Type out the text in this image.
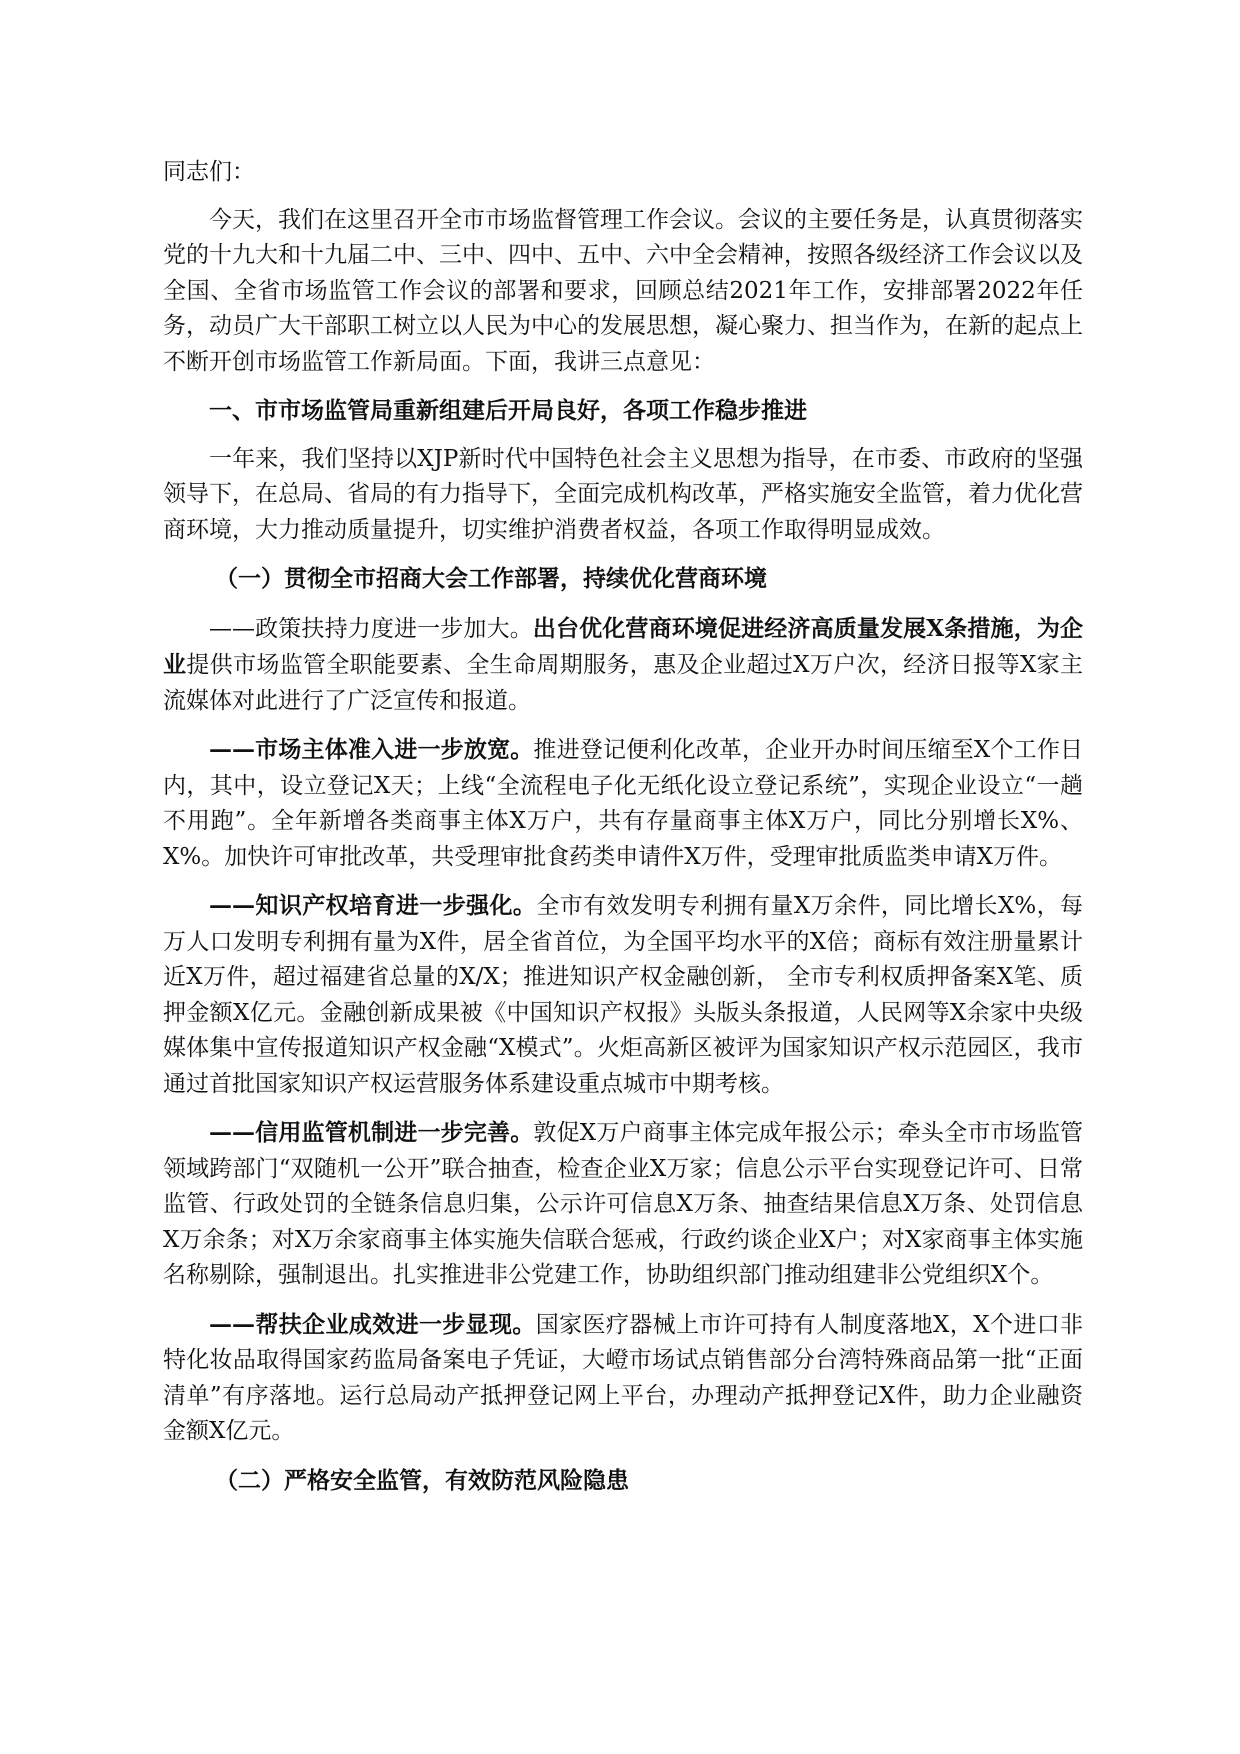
同志们：

今天，我们在这里召开全市市场监督管理工作会议。会议的主要任务是，认真贯彻落实党的十九大和十九届二中、三中、四中、五中、六中全会精神，按照各级经济工作会议以及全国、全省市场监管工作会议的部署和要求，回顾总结2021年工作，安排部署2022年任务，动员广大干部职工树立以人民为中心的发展思想，凝心聚力、担当作为，在新的起点上不断开创市场监管工作新局面。下面，我讲三点意见：

一、市市场监管局重新组建后开局良好，各项工作稳步推进

一年来，我们坚持以XJP新时代中国特色社会主义思想为指导，在市委、市政府的坚强领导下，在总局、省局的有力指导下，全面完成机构改革，严格实施安全监管，着力优化营商环境，大力推动质量提升，切实维护消费者权益，各项工作取得明显成效。

（一）贯彻全市招商大会工作部署，持续优化营商环境

——政策扶持力度进一步加大。出台优化营商环境促进经济高质量发展X条措施，为企业提供市场监管全职能要素、全生命周期服务，惠及企业超过X万户次，经济日报等X家主流媒体对此进行了广泛宣传和报道。

——市场主体准入进一步放宽。推进登记便利化改革，企业开办时间压缩至X个工作日内，其中，设立登记X天；上线“全流程电子化无纸化设立登记系统”，实现企业设立“一趟不用跑”。全年新增各类商事主体X万户，共有存量商事主体X万户，同比分别增长X%、X%。加快许可审批改革，共受理审批食药类申请件X万件，受理审批质监类申请X万件。

——知识产权培育进一步强化。全市有效发明专利拥有量X万余件，同比增长X%，每万人口发明专利拥有量为X件，居全省首位，为全国平均水平的X倍；商标有效注册量累计近X万件，超过福建省总量的X/X；推进知识产权金融创新， 全市专利权质押备案X笔、质押金额X亿元。金融创新成果被《中国知识产权报》头版头条报道，人民网等X余家中央级媒体集中宣传报道知识产权金融“X模式”。火炬高新区被评为国家知识产权示范园区，我市通过首批国家知识产权运营服务体系建设重点城市中期考核。

——信用监管机制进一步完善。敦促X万户商事主体完成年报公示；牵头全市市场监管领域跨部门“双随机一公开”联合抽查，检查企业X万家；信息公示平台实现登记许可、日常监管、行政处罚的全链条信息归集，公示许可信息X万条、抽查结果信息X万条、处罚信息X万余条；对X万余家商事主体实施失信联合惩戒，行政约谈企业X户；对X家商事主体实施名称剔除，强制退出。扎实推进非公党建工作，协助组织部门推动组建非公党组织X个。

——帮扶企业成效进一步显现。国家医疗器械上市许可持有人制度落地X，X个进口非特化妆品取得国家药监局备案电子凭证，大嶝市场试点销售部分台湾特殊商品第一批“正面清单”有序落地。运行总局动产抵押登记网上平台，办理动产抵押登记X件，助力企业融资金额X亿元。

（二）严格安全监管，有效防范风险隐患
